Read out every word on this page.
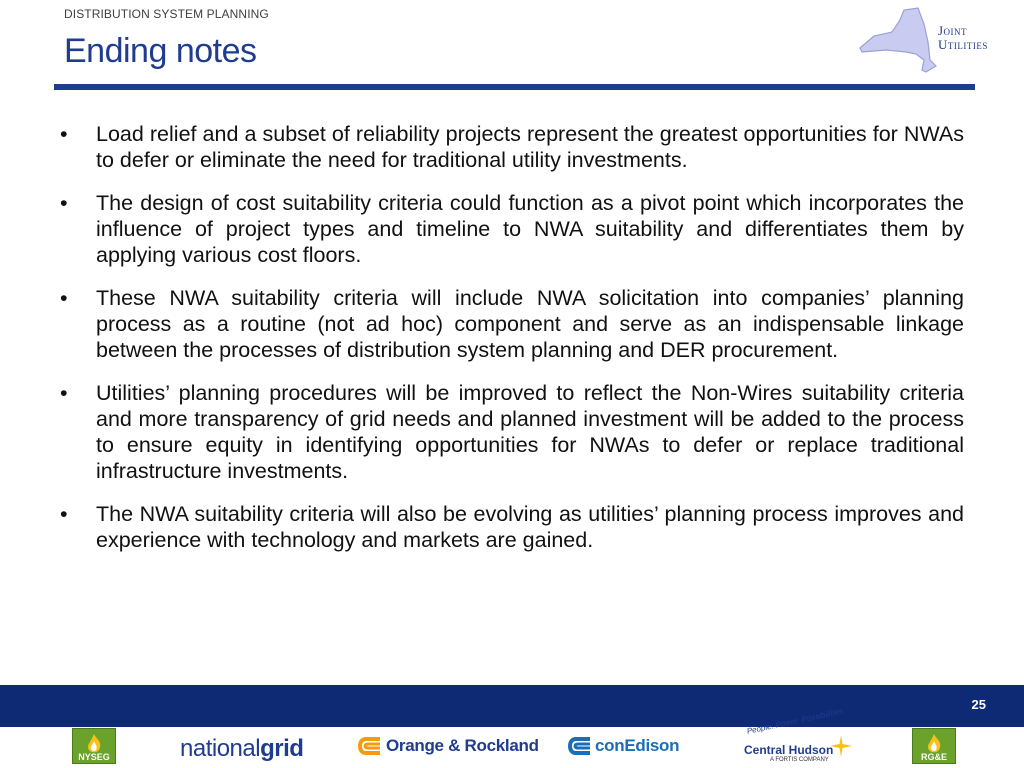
DISTRIBUTION SYSTEM PLANNING
Ending notes
Joint
Utilities
• Load relief and a subset of reliability projects represent the greatest opportunities for NWAs to defer or eliminate the need for traditional utility investments.
• The design of cost suitability criteria could function as a pivot point which incorporates the influence of project types and timeline to NWA suitability and differentiates them by applying various cost floors.
• These NWA suitability criteria will include NWA solicitation into companies’ planning process as a routine (not ad hoc) component and serve as an indispensable linkage between the processes of distribution system planning and DER procurement.
• Utilities’ planning procedures will be improved to reflect the Non-Wires suitability criteria and more transparency of grid needs and planned investment will be added to the process to ensure equity in identifying opportunities for NWAs to defer or replace traditional infrastructure investments.
• The NWA suitability criteria will also be evolving as utilities’ planning process improves and experience with technology and markets are gained.
25
NYSEG	nationalgrid	Orange & Rockland	conEdison
People. Power. Possibilities.
Central Hudson
A FORTIS COMPANY	RG&E
